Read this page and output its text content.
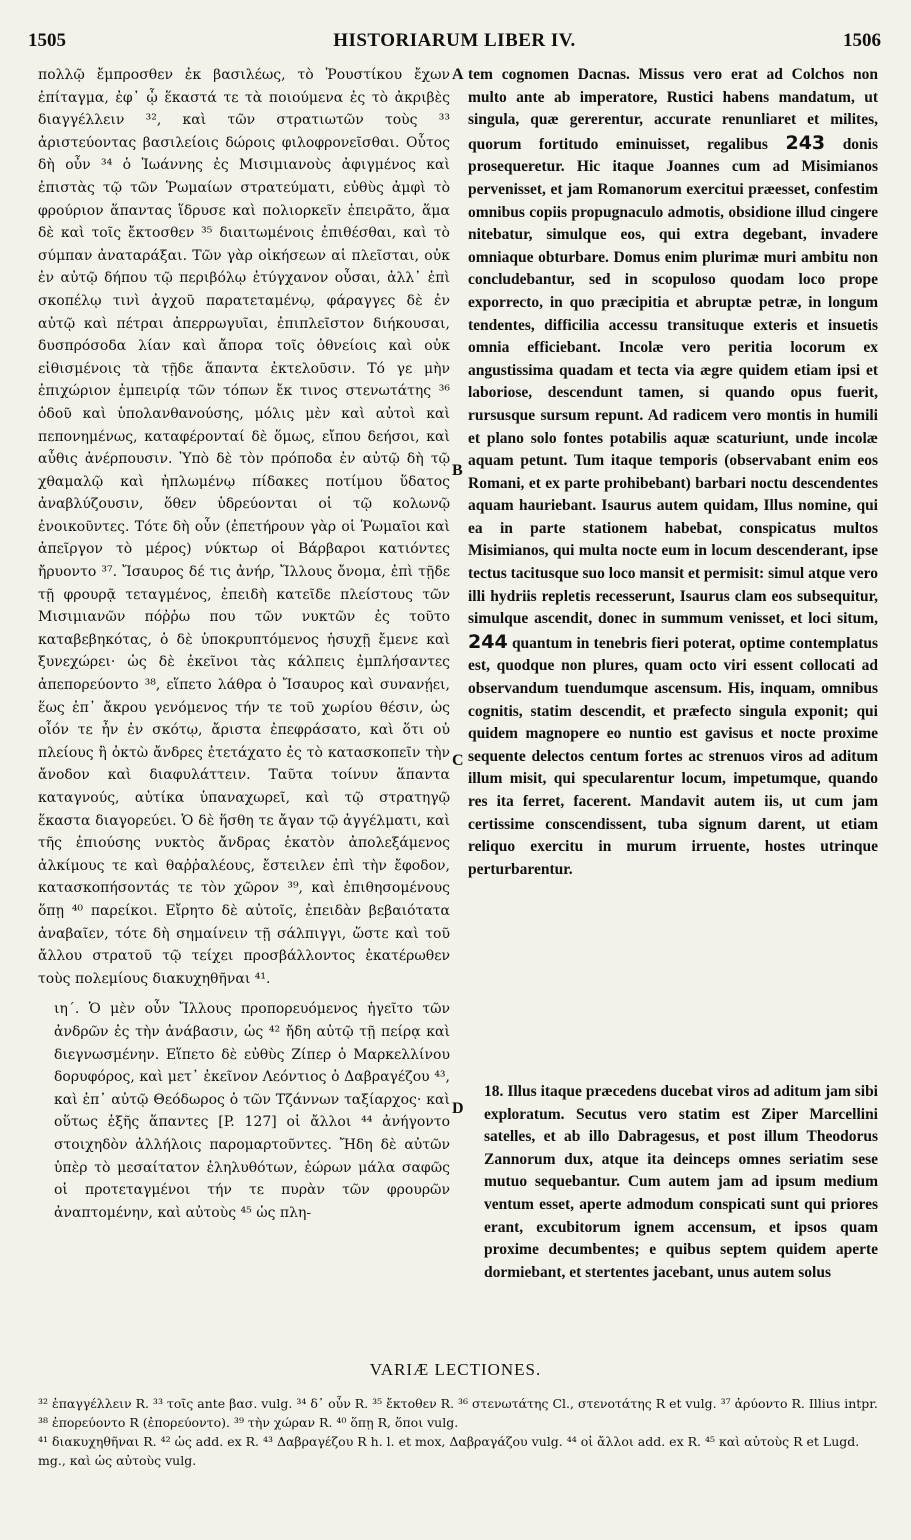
1505	HISTORIARUM LIBER IV.	1506

πολλῷ ἔμπροσθεν ἐκ βασιλέως, τὸ Ῥουστίκου ἔχων ἐπίταγμα, ἐφ᾽ ᾧ ἕκαστά τε τὰ ποιούμενα ἐς τὸ ἀκριβὲς διαγγέλλειν ³², καὶ τῶν στρατιωτῶν τοὺς ³³ ἀριστεύοντας βασιλείοις δώροις φιλοφρονεῖσθαι. Οὗτος δὴ οὖν ³⁴ ὁ Ἰωάννης ἐς Μισιμιανοὺς ἀφιγμένος καὶ ἐπιστὰς τῷ τῶν Ῥωμαίων στρατεύματι, εὐθὺς ἀμφὶ τὸ φρούριον ἅπαντας ἵδρυσε καὶ πολιορκεῖν ἐπειρᾶτο, ἅμα δὲ καὶ τοῖς ἔκτοσθεν ³⁵ διαιτωμένοις ἐπιθέσθαι, καὶ τὸ σύμπαν ἀναταράξαι. Τῶν γὰρ οἰκήσεων αἱ πλεῖσται, οὐκ ἐν αὐτῷ δήπου τῷ περιβόλῳ ἐτύγχανον οὖσαι, ἀλλ᾽ ἐπὶ σκοπέλῳ τινὶ ἀγχοῦ παρατεταμένῳ, φάραγγες δὲ ἐν αὐτῷ καὶ πέτραι ἀπερρωγυῖαι, ἐπιπλεῖστον διήκουσαι, δυσπρόσοδα λίαν καὶ ἄπορα τοῖς ὀθνείοις καὶ οὐκ εἰθισμένοις τὰ τῇδε ἅπαντα ἐκτελοῦσιν. Τό γε μὴν ἐπιχώριον ἐμπειρίᾳ τῶν τόπων ἔκ τινος στενωτάτης ³⁶ ὁδοῦ καὶ ὑπολανθανούσης, μόλις μὲν καὶ αὐτοὶ καὶ πεπονημένως, καταφέρονταί δὲ ὅμως, εἴπου δεήσοι, καὶ αὖθις ἀνέρπουσιν. Ὑπὸ δὲ τὸν πρόποδα ἐν αὐτῷ δὴ τῷ χθαμαλῷ καὶ ἠπλωμένῳ πίδακες ποτίμου ὕδατος ἀναβλύζουσιν, ὅθεν ὑδρεύονται οἱ τῷ κολωνῷ ἐνοικοῦντες. Τότε δὴ οὖν (ἐπετήρουν γὰρ οἱ Ῥωμαῖοι καὶ ἀπεῖργον τὸ μέρος) νύκτωρ οἱ Βάρβαροι κατιόντες ἤρυοντο ³⁷. Ἴσαυρος δέ τις ἀνήρ, Ἴλλους ὄνομα, ἐπὶ τῇδε τῇ φρουρᾷ τεταγμένος, ἐπειδὴ κατεῖδε πλείστους τῶν Μισιμιανῶν πόῤῥω που τῶν νυκτῶν ἐς τοῦτο καταβεβηκότας, ὁ δὲ ὑποκρυπτόμενος ἡσυχῇ ἔμενε καὶ ξυνεχώρει· ὡς δὲ ἐκεῖνοι τὰς κάλπεις ἐμπλήσαντες ἀπεπορεύοντο ³⁸, εἵπετο λάθρα ὁ Ἴσαυρος καὶ συνανῄει, ἕως ἐπ᾽ ἄκρου γενόμενος τήν τε τοῦ χωρίου θέσιν, ὡς οἷόν τε ἦν ἐν σκότῳ, ἄριστα ἐπεφράσατο, καὶ ὅτι οὐ πλείους ἢ ὀκτὼ ἄνδρες ἐτετάχατο ἐς τὸ κατασκοπεῖν τὴν ἄνοδον καὶ διαφυλάττειν. Ταῦτα τοίνυν ἅπαντα καταγνούς, αὐτίκα ὑπαναχωρεῖ, καὶ τῷ στρατηγῷ ἕκαστα διαγορεύει. Ὁ δὲ ἥσθη τε ἄγαν τῷ ἀγγέλματι, καὶ τῆς ἐπιούσης νυκτὸς ἄνδρας ἑκατὸν ἀπολεξάμενος ἀλκίμους τε καὶ θαῤῥαλέους, ἔστειλεν ἐπὶ τὴν ἔφοδον, κατασκοπήσοντάς τε τὸν χῶρον ³⁹, καὶ ἐπιθησομένους ὅπῃ ⁴⁰ παρείκοι. Εἴρητο δὲ αὐτοῖς, ἐπειδὰν βεβαιότατα ἀναβαῖεν, τότε δὴ σημαίνειν τῇ σάλπιγγι, ὥστε καὶ τοῦ ἄλλου στρατοῦ τῷ τείχει προσβάλλοντος ἑκατέρωθεν τοὺς πολεμίους διακυχηθῆναι ⁴¹.

ιη΄. Ὁ μὲν οὖν Ἴλλους προπορευόμενος ἡγεῖτο τῶν ἀνδρῶν ἐς τὴν ἀνάβασιν, ὡς ⁴² ἤδη αὐτῷ τῇ πείρᾳ καὶ διεγνωσμένην. Εἵπετο δὲ εὐθὺς Ζίπερ ὁ Μαρκελλίνου δορυφόρος, καὶ μετ᾽ ἐκεῖνον Λεόντιος ὁ Δαβραγέζου ⁴³, καὶ ἐπ᾽ αὐτῷ Θεόδωρος ὁ τῶν Τζάννων ταξίαρχος· καὶ οὕτως ἑξῆς ἅπαντες [P. 127] οἱ ἄλλοι ⁴⁴ ἀνήγοντο στοιχηδὸν ἀλλήλοις παρομαρτοῦντες. Ἤδη δὲ αὐτῶν ὑπὲρ τὸ μεσαίτατον ἐληλυθότων, ἑώρων μάλα σαφῶς οἱ προτεταγμένοι τήν τε πυρὰν τῶν φρουρῶν ἀναπτομένην, καὶ αὐτοὺς ⁴⁵ ὡς πλη-

A
B
C
D

tem cognomen Dacnas. Missus vero erat ad Colchos non multo ante ab imperatore, Rustici habens mandatum, ut singula, quæ gererentur, accurate renunliaret et milites, quorum fortitudo eminuisset, regalibus 243 donis prosequeretur. Hic itaque Joannes cum ad Misimianos pervenisset, et jam Romanorum exercitui præesset, confestim omnibus copiis propugnaculo admotis, obsidione illud cingere nitebatur, simulque eos, qui extra degebant, invadere omniaque obturbare. Domus enim plurimæ muri ambitu non concludebantur, sed in scopuloso quodam loco prope exporrecto, in quo præcipitia et abruptæ petræ, in longum tendentes, difficilia accessu transituque exteris et insuetis omnia efficiebant. Incolæ vero peritia locorum ex angustissima quadam et tecta via ægre quidem etiam ipsi et laboriose, descendunt tamen, si quando opus fuerit, rursusque sursum repunt. Ad radicem vero montis in humili et plano solo fontes potabilis aquæ scaturiunt, unde incolæ aquam petunt. Tum itaque temporis (observabant enim eos Romani, et ex parte prohibebant) barbari noctu descendentes aquam hauriebant. Isaurus autem quidam, Illus nomine, qui ea in parte stationem habebat, conspicatus multos Misimianos, qui multa nocte eum in locum descenderant, ipse tectus tacitusque suo loco mansit et permisit: simul atque vero illi hydriis repletis recesserunt, Isaurus clam eos subsequitur, simulque ascendit, donec in summum venisset, et loci situm, 244 quantum in tenebris fieri poterat, optime contemplatus est, quodque non plures, quam octo viri essent collocati ad observandum tuendumque ascensum. His, inquam, omnibus cognitis, statim descendit, et præfecto singula exponit; qui quidem magnopere eo nuntio est gavisus et nocte proxime sequente delectos centum fortes ac strenuos viros ad aditum illum misit, qui specularentur locum, impetumque, quando res ita ferret, facerent. Mandavit autem iis, ut cum jam certissime conscendissent, tuba signum darent, ut etiam reliquo exercitu in murum irruente, hostes utrinque perturbarentur.

18. Illus itaque præcedens ducebat viros ad aditum jam sibi exploratum. Secutus vero statim est Ziper Marcellini satelles, et ab illo Dabragesus, et post illum Theodorus Zannorum dux, atque ita deinceps omnes seriatim sese mutuo sequebantur. Cum autem jam ad ipsum medium ventum esset, aperte admodum conspicati sunt qui priores erant, excubitorum ignem accensum, et ipsos quam proxime decumbentes; e quibus septem quidem aperte dormiebant, et stertentes jacebant, unus autem solus

VARIÆ LECTIONES.

³² ἐπαγγέλλειν R. ³³ τοῖς ante βασ. vulg. ³⁴ δ᾽ οὖν R. ³⁵ ἔκτοθεν R. ³⁶ στενωτάτης Cl., στενοτάτης R et vulg. ³⁷ ἀρύοντο R. Illius intpr. ³⁸ ἐπορεύοντο R (ἐπορεύοντο). ³⁹ τὴν χώραν R. ⁴⁰ ὅπῃ R, ὅποι vulg.

⁴¹ διακυχηθῆναι R. ⁴² ὡς add. ex R. ⁴³ Δαβραγέζου R h. l. et mox, Δαβραγάζου vulg. ⁴⁴ οἱ ἄλλοι add. ex R. ⁴⁵ καὶ αὐτοὺς R et Lugd. mg., καὶ ὡς αὐτοὺς vulg.
